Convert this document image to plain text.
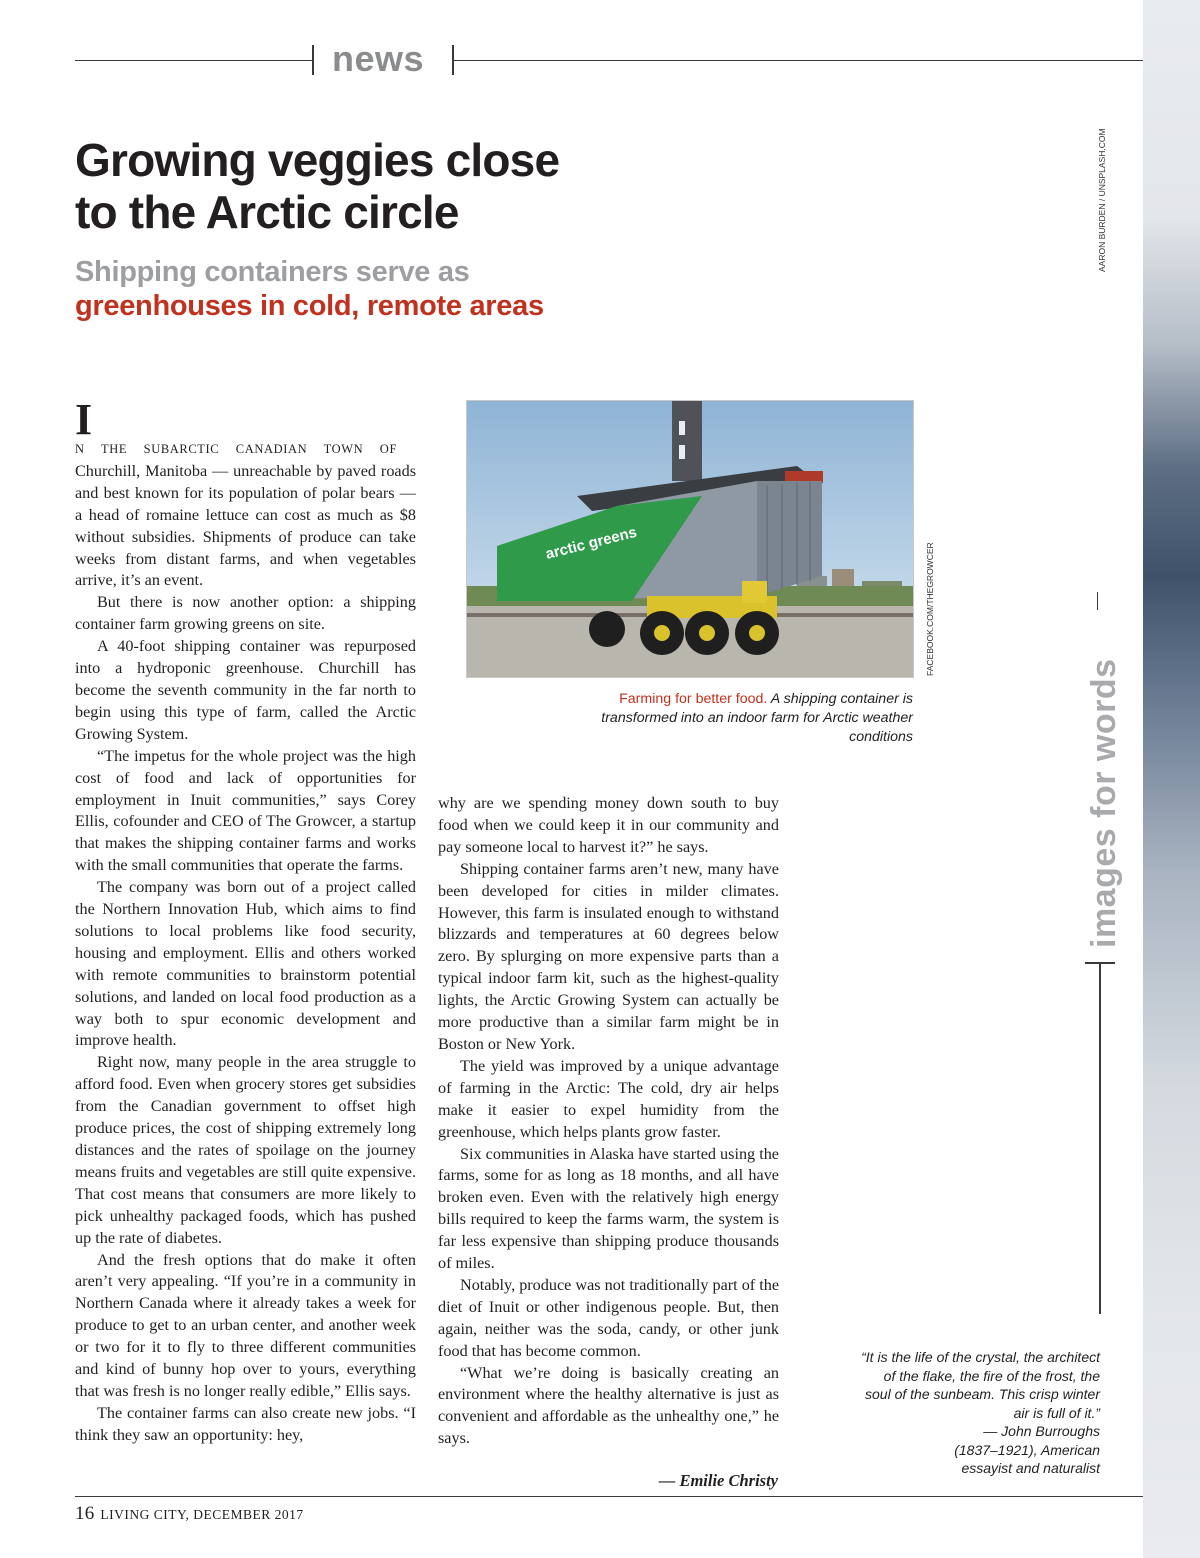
news
Growing veggies close
to the Arctic circle
Shipping containers serve as
greenhouses in cold, remote areas
AARON BURDEN / UNSPLASH.COM

I
N THE SUBARCTIC CANADIAN TOWN OF Churchill, Manitoba — unreachable by paved roads and best known for its population of polar bears — a head of romaine lettuce can cost as much as $8 without subsidies. Shipments of produce can take weeks from distant farms, and when vegetables arrive, it’s an event.

But there is now another option: a shipping container farm growing greens on site.

A 40-foot shipping container was repurposed into a hydroponic greenhouse. Churchill has become the seventh community in the far north to begin using this type of farm, called the Arctic Growing System.

“The impetus for the whole project was the high cost of food and lack of opportunities for employment in Inuit communities,” says Corey Ellis, cofounder and CEO of The Growcer, a startup that makes the shipping container farms and works with the small communities that operate the farms.

The company was born out of a project called the Northern Innovation Hub, which aims to find solutions to local problems like food security, housing and employment. Ellis and others worked with remote communities to brainstorm potential solutions, and landed on local food production as a way both to spur economic development and improve health.

Right now, many people in the area struggle to afford food. Even when grocery stores get subsidies from the Canadian government to offset high produce prices, the cost of shipping extremely long distances and the rates of spoilage on the journey means fruits and vegetables are still quite expensive. That cost means that consumers are more likely to pick unhealthy packaged foods, which has pushed up the rate of diabetes.

And the fresh options that do make it often aren’t very appealing. “If you’re in a community in Northern Canada where it already takes a week for produce to get to an urban center, and another week or two for it to fly to three different communities and kind of bunny hop over to yours, everything that was fresh is no longer really edible,” Ellis says.

The container farms can also create new jobs. “I think they saw an opportunity: hey,

arctic greens	FACEBOOK.COM/THEGROWCER
Farming for better food. A shipping container is transformed into an indoor farm for Arctic weather conditions

why are we spending money down south to buy food when we could keep it in our community and pay someone local to harvest it?” he says.

Shipping container farms aren’t new, many have been developed for cities in milder climates. However, this farm is insulated enough to withstand blizzards and temperatures at 60 degrees below zero. By splurging on more expensive parts than a typical indoor farm kit, such as the highest-quality lights, the Arctic Growing System can actually be more productive than a similar farm might be in Boston or New York.

The yield was improved by a unique advantage of farming in the Arctic: The cold, dry air helps make it easier to expel humidity from the greenhouse, which helps plants grow faster.

Six communities in Alaska have started using the farms, some for as long as 18 months, and all have broken even. Even with the relatively high energy bills required to keep the farms warm, the system is far less expensive than shipping produce thousands of miles.

Notably, produce was not traditionally part of the diet of Inuit or other indigenous people. But, then again, neither was the soda, candy, or other junk food that has become common.

“What we’re doing is basically creating an environment where the healthy alternative is just as convenient and affordable as the unhealthy one,” he says.

— Emilie Christy
images for words
“It is the life of the crystal, the architect of the flake, the fire of the frost, the soul of the sunbeam. This crisp winter air is full of it.”
— John Burroughs
(1837–1921), American
essayist and naturalist
16 LIVING CITY, DECEMBER 2017
